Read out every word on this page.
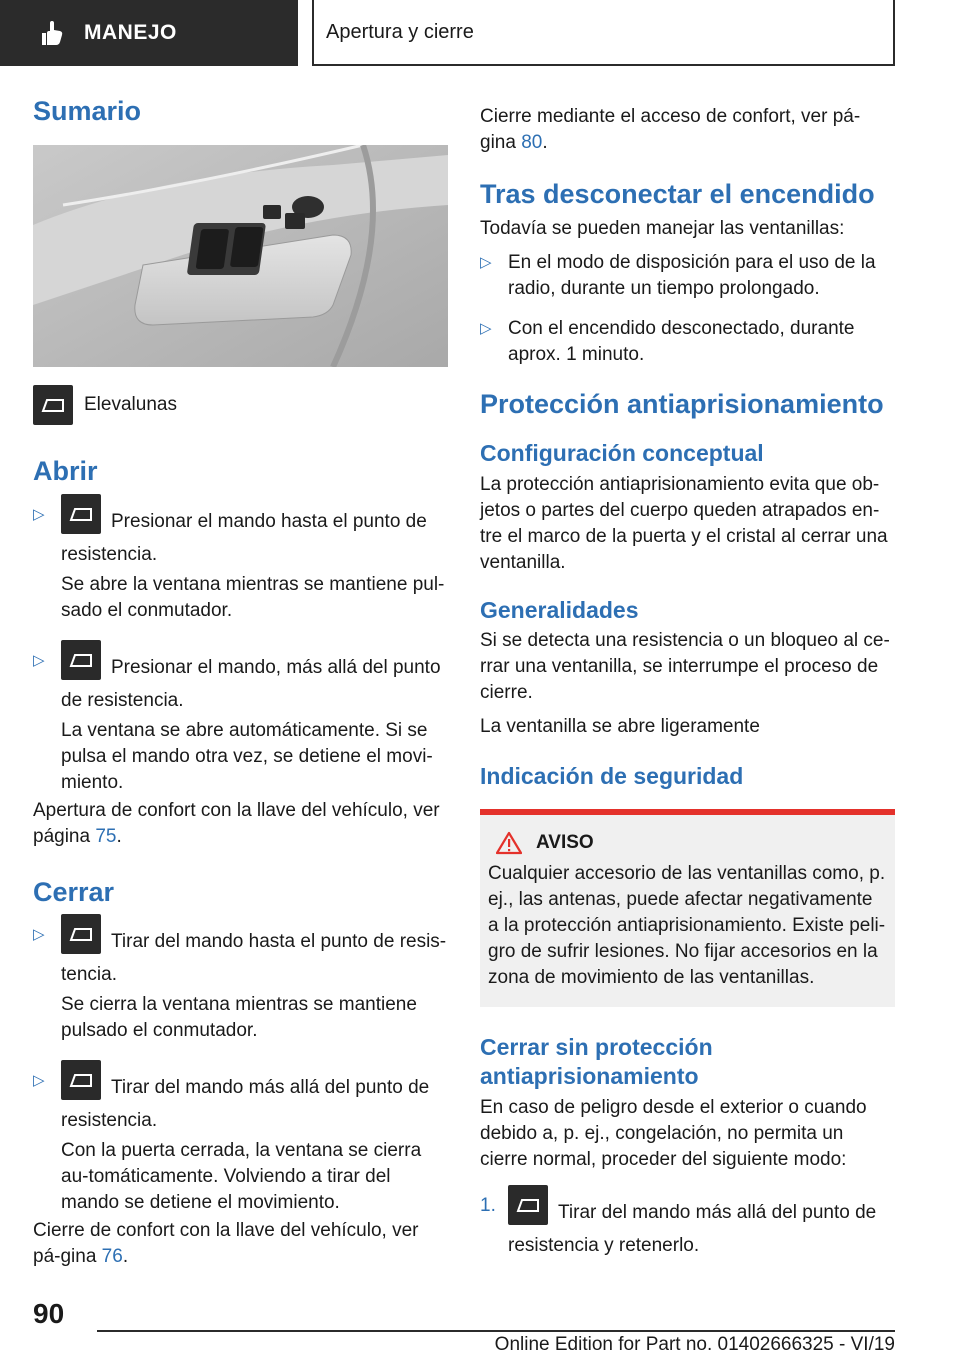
MANEJO	Apertura y cierre
Sumario
Elevalunas
Abrir
▷	Presionar el mando hasta el punto de resistencia.

Se abre la ventana mientras se mantiene pul-sado el conmutador.

▷	Presionar el mando, más allá del punto de resistencia.

La ventana se abre automáticamente. Si se pulsa el mando otra vez, se detiene el movi-miento.

Apertura de confort con la llave del vehículo, ver página 75.

Cerrar
▷	Tirar del mando hasta el punto de resis-tencia.

Se cierra la ventana mientras se mantiene pulsado el conmutador.

▷	Tirar del mando más allá del punto de resistencia.

Con la puerta cerrada, la ventana se cierra au-tomáticamente. Volviendo a tirar del mando se detiene el movimiento.

Cierre de confort con la llave del vehículo, ver pá-gina 76.

Cierre mediante el acceso de confort, ver pá-gina 80.

Tras desconectar el encendido

Todavía se pueden manejar las ventanillas:

▷ En el modo de disposición para el uso de la radio, durante un tiempo prolongado.
▷ Con el encendido desconectado, durante aprox. 1 minuto.
Protección antiaprisionamiento
Configuración conceptual

La protección antiaprisionamiento evita que ob-jetos o partes del cuerpo queden atrapados en-tre el marco de la puerta y el cristal al cerrar una ventanilla.

Generalidades

Si se detecta una resistencia o un bloqueo al ce-rrar una ventanilla, se interrumpe el proceso de cierre.

La ventanilla se abre ligeramente

Indicación de seguridad
AVISO

Cualquier accesorio de las ventanillas como, p. ej., las antenas, puede afectar negativamente a la protección antiaprisionamiento. Existe peli-gro de sufrir lesiones. No fijar accesorios en la zona de movimiento de las ventanillas.

Cerrar sin protección antiaprisionamiento

En caso de peligro desde el exterior o cuando debido a, p. ej., congelación, no permita un cierre normal, proceder del siguiente modo:

1.	Tirar del mando más allá del punto de resistencia y retenerlo.
90
Online Edition for Part no. 01402666325 - VI/19
